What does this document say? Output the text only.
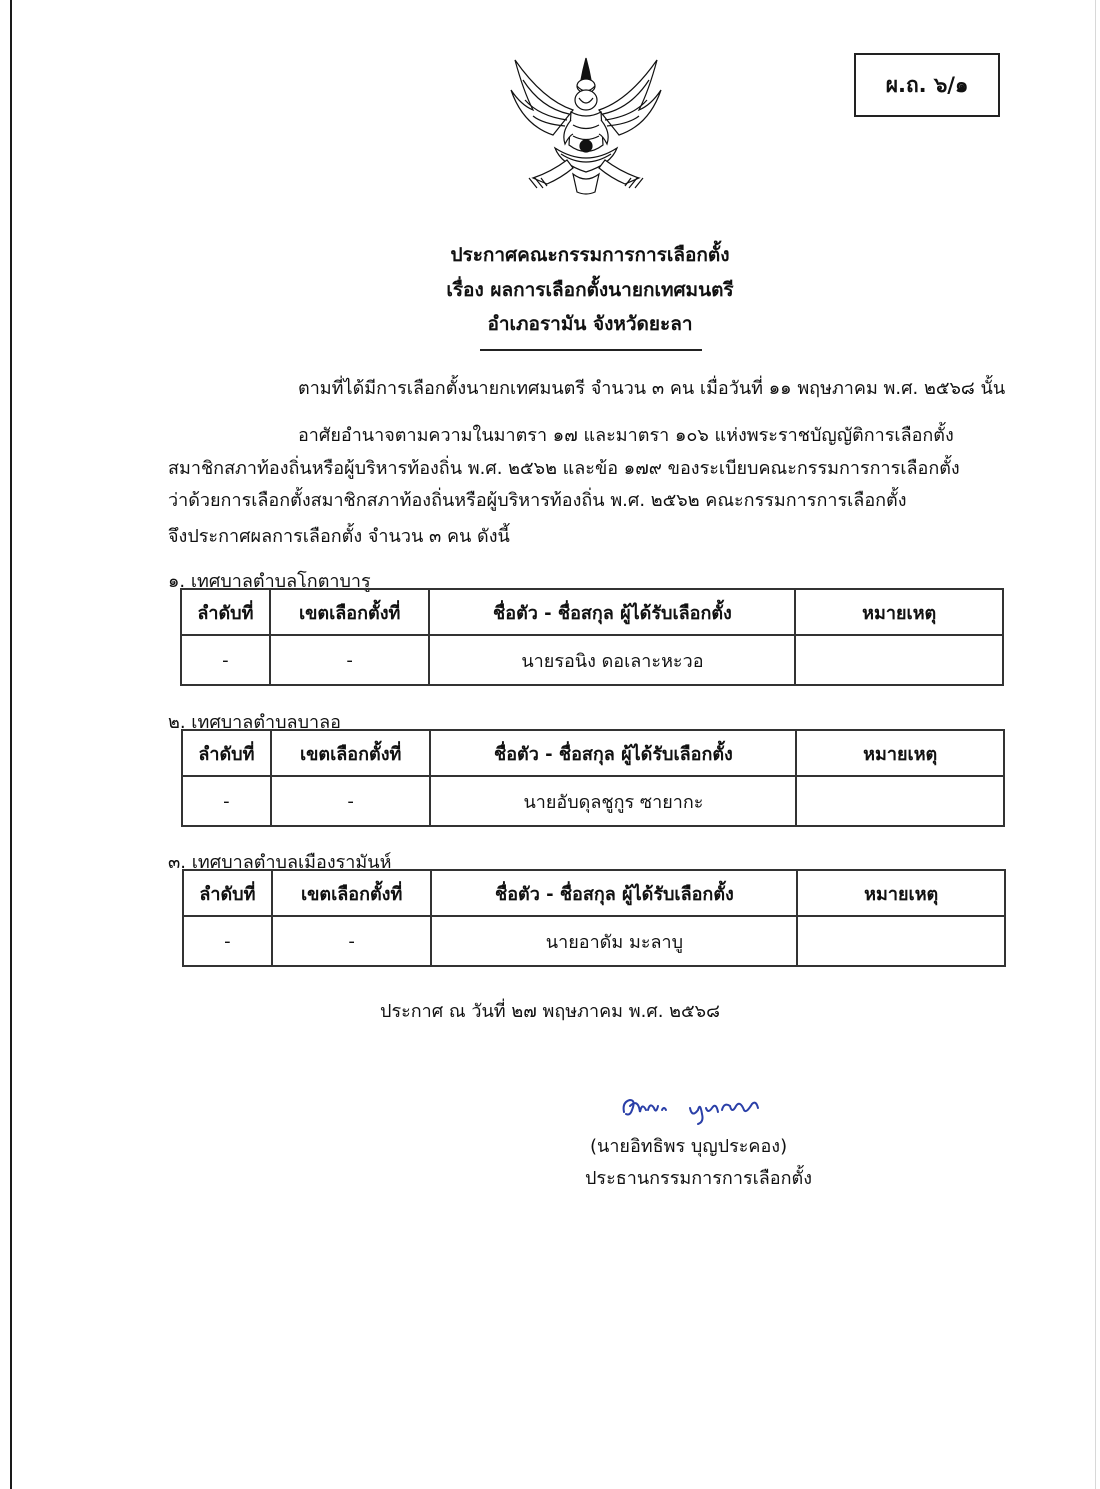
ผ.ถ. ๖/๑
ประกาศคณะกรรมการการเลือกตั้ง
เรื่อง ผลการเลือกตั้งนายกเทศมนตรี
อำเภอรามัน จังหวัดยะลา
ตามที่ได้มีการเลือกตั้งนายกเทศมนตรี จำนวน ๓ คน เมื่อวันที่ ๑๑ พฤษภาคม พ.ศ. ๒๕๖๘ นั้น
อาศัยอำนาจตามความในมาตรา ๑๗ และมาตรา ๑๐๖ แห่งพระราชบัญญัติการเลือกตั้ง
สมาชิกสภาท้องถิ่นหรือผู้บริหารท้องถิ่น พ.ศ. ๒๕๖๒ และข้อ ๑๗๙ ของระเบียบคณะกรรมการการเลือกตั้ง
ว่าด้วยการเลือกตั้งสมาชิกสภาท้องถิ่นหรือผู้บริหารท้องถิ่น พ.ศ. ๒๕๖๒ คณะกรรมการการเลือกตั้ง
จึงประกาศผลการเลือกตั้ง จำนวน ๓ คน ดังนี้
๑. เทศบาลตำบลโกตาบารู
ลำดับที่	เขตเลือกตั้งที่	ชื่อตัว - ชื่อสกุล ผู้ได้รับเลือกตั้ง	หมายเหตุ
-	-	นายรอนิง ดอเลาะหะวอ	
๒. เทศบาลตำบลบาลอ
ลำดับที่	เขตเลือกตั้งที่	ชื่อตัว - ชื่อสกุล ผู้ได้รับเลือกตั้ง	หมายเหตุ
-	-	นายอับดุลชูกูร ซายากะ	
๓. เทศบาลตำบลเมืองรามันห์
ลำดับที่	เขตเลือกตั้งที่	ชื่อตัว - ชื่อสกุล ผู้ได้รับเลือกตั้ง	หมายเหตุ
-	-	นายอาดัม มะลาบู	
ประกาศ ณ วันที่ ๒๗ พฤษภาคม พ.ศ. ๒๕๖๘
(นายอิทธิพร บุญประคอง)
ประธานกรรมการการเลือกตั้ง
